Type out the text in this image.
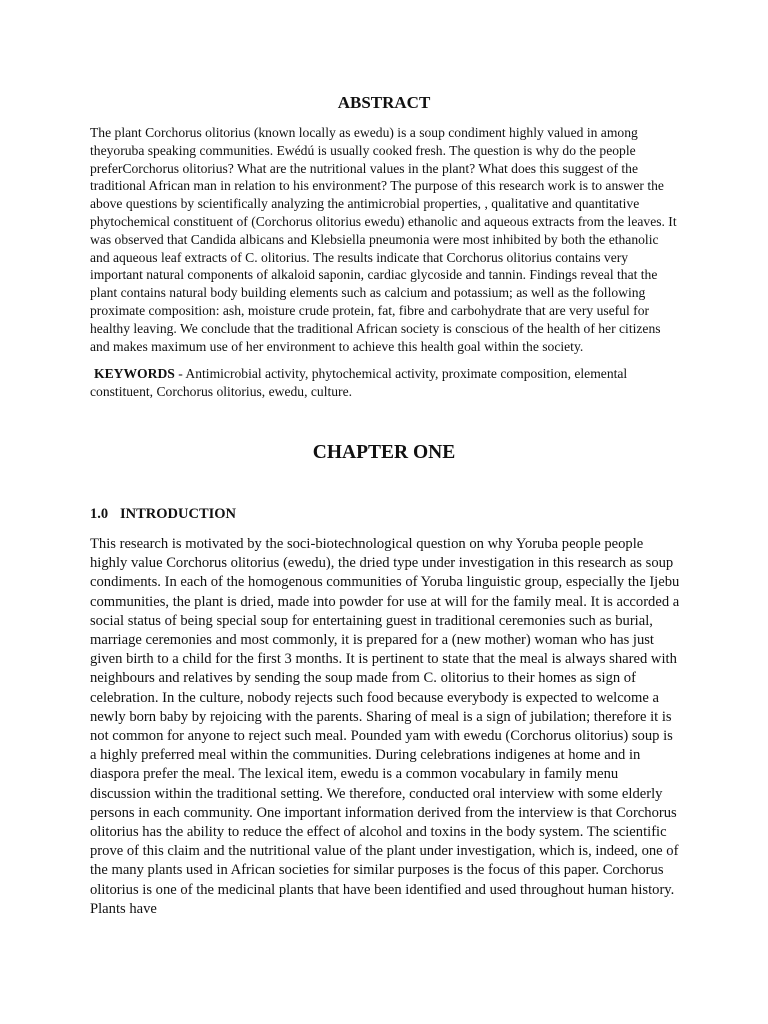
ABSTRACT

The plant Corchorus olitorius (known locally as ewedu) is a soup condiment highly valued in among theyoruba speaking communities. Ewédú is usually cooked fresh. The question is why do the people preferCorchorus olitorius? What are the nutritional values in the plant? What does this suggest of the traditional African man in relation to his environment? The purpose of this research work is to answer the above questions by scientifically analyzing the antimicrobial properties, , qualitative and quantitative phytochemical constituent of (Corchorus olitorius ewedu) ethanolic and aqueous extracts from the leaves. It was observed that Candida albicans and Klebsiella pneumonia were most inhibited by both the ethanolic and aqueous leaf extracts of C. olitorius. The results indicate that Corchorus olitorius contains very important natural components of alkaloid saponin, cardiac glycoside and tannin. Findings reveal that the plant contains natural body building elements such as calcium and potassium; as well as the following proximate composition: ash, moisture crude protein, fat, fibre and carbohydrate that are very useful for healthy leaving. We conclude that the traditional African society is conscious of the health of her citizens and makes maximum use of her environment to achieve this health goal within the society.

KEYWORDS - Antimicrobial activity, phytochemical activity, proximate composition, elemental constituent, Corchorus olitorius, ewedu, culture.

CHAPTER ONE
1.0 INTRODUCTION

This research is motivated by the soci-biotechnological question on why Yoruba people people highly value Corchorus olitorius (ewedu), the dried type under investigation in this research as soup condiments. In each of the homogenous communities of Yoruba linguistic group, especially the Ijebu communities, the plant is dried, made into powder for use at will for the family meal. It is accorded a social status of being special soup for entertaining guest in traditional ceremonies such as burial, marriage ceremonies and most commonly, it is prepared for a (new mother) woman who has just given birth to a child for the first 3 months. It is pertinent to state that the meal is always shared with neighbours and relatives by sending the soup made from C. olitorius to their homes as sign of celebration. In the culture, nobody rejects such food because everybody is expected to welcome a newly born baby by rejoicing with the parents. Sharing of meal is a sign of jubilation; therefore it is not common for anyone to reject such meal. Pounded yam with ewedu (Corchorus olitorius) soup is a highly preferred meal within the communities. During celebrations indigenes at home and in diaspora prefer the meal. The lexical item, ewedu is a common vocabulary in family menu discussion within the traditional setting. We therefore, conducted oral interview with some elderly persons in each community. One important information derived from the interview is that Corchorus olitorius has the ability to reduce the effect of alcohol and toxins in the body system. The scientific prove of this claim and the nutritional value of the plant under investigation, which is, indeed, one of the many plants used in African societies for similar purposes is the focus of this paper. Corchorus olitorius is one of the medicinal plants that have been identified and used throughout human history. Plants have
